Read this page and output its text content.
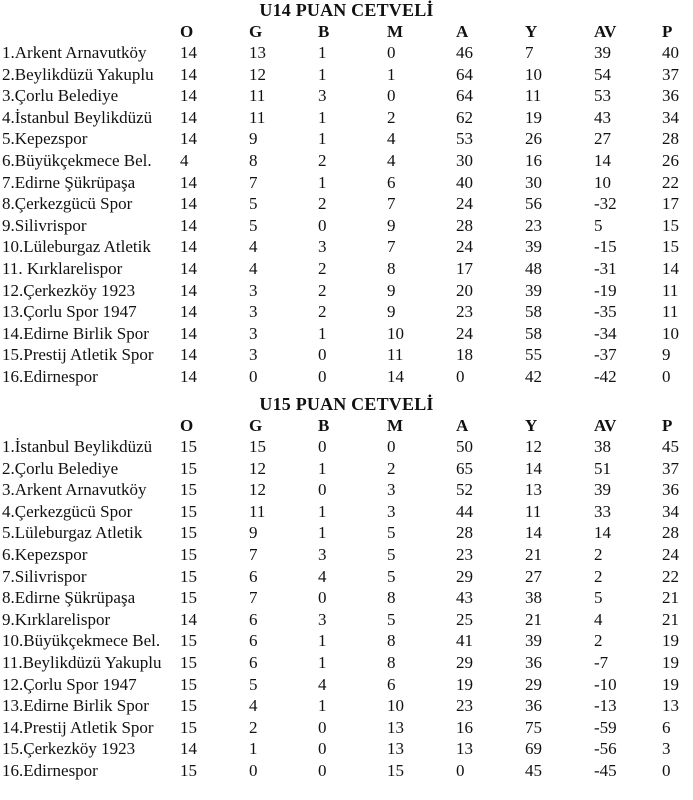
U14 PUAN CETVELİ
O	G	B	M	A	Y	AV	P
1.Arkent Arnavutköy 14	13	1	0	46	7	39	40
2.Beylikdüzü Yakuplu 14	12	1	1	64	10	54	37
3.Çorlu Belediye	14	11	3	0	64	11	53	36
4.İstanbul Beylikdüzü 14	11	1	2	62	19	43	34
5.Kepezspor	14	9	1	4	53	26	27	28
6.Büyükçekmece Bel. 4	8	2	4	30	16	14	26
7.Edirne Şükrüpaşa	14	7	1	6	40	30	10	22
8.Çerkezgücü Spor	14	5	2	7	24	56	-32	17
9.Silivrispor	14	5	0	9	28	23	5	15
10.Lüleburgaz Atletik 14	4	3	7	24	39	-15	15
11. Kırklarelispor	14	4	2	8	17	48	-31	14
12.Çerkezköy 1923	14	3	2	9	20	39	-19	11
13.Çorlu Spor 1947	14	3	2	9	23	58	-35	11
14.Edirne Birlik Spor 14	3	1	10	24	58	-34	10
15.Prestij Atletik Spor 14	3	0	11	18	55	-37	9
16.Edirnespor	14	0	0	14	0	42	-42	0
U15 PUAN CETVELİ
O	G	B	M	A	Y	AV	P
1.İstanbul Beylikdüzü 15	15	0	0	50	12	38	45
2.Çorlu Belediye	15	12	1	2	65	14	51	37
3.Arkent Arnavutköy 15	12	0	3	52	13	39	36
4.Çerkezgücü Spor	15	11	1	3	44	11	33	34
5.Lüleburgaz Atletik 15	9	1	5	28	14	14	28
6.Kepezspor	15	7	3	5	23	21	2	24
7.Silivrispor	15	6	4	5	29	27	2	22
8.Edirne Şükrüpaşa	15	7	0	8	43	38	5	21
9.Kırklarelispor	14	6	3	5	25	21	4	21
10.Büyükçekmece Bel. 15	6	1	8	41	39	2	19
11.Beylikdüzü Yakuplu 15	6	1	8	29	36	-7	19
12.Çorlu Spor 1947	15	5	4	6	19	29	-10	19
13.Edirne Birlik Spor 15	4	1	10	23	36	-13	13
14.Prestij Atletik Spor 15	2	0	13	16	75	-59	6
15.Çerkezköy 1923	14	1	0	13	13	69	-56	3
16.Edirnespor	15	0	0	15	0	45	-45	0
